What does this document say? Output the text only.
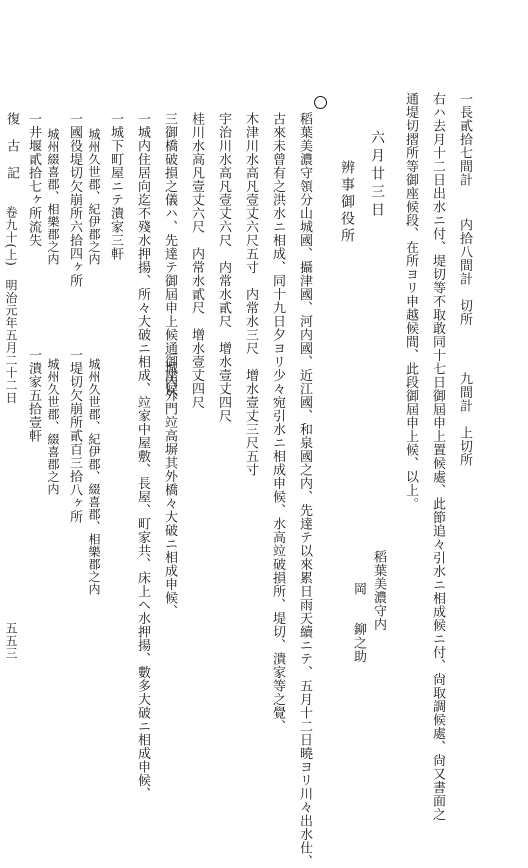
一長貳拾七間計
内拾八間計　切所
九間計　上切所
右ハ去月十二日出水ニ付、堤切等不取敢同十七日御屆申上置候處、此節追々引水ニ相成候ニ付、尙取調候處、尙又書面之
通堤切摺所等御座候段、在所ヨリ申越候間、此段御屆申上候、以上。
稻葉美濃守内
岡　　鉚之助
六月廿三日
辨事御役所
稻葉美濃守領分山城國、攝津國、河内國、近江國、和泉國之内、先達テ以來累日雨天續ニテ、五月十二日曉ヨリ川々出水仕、
古來未曾有之洪水ニ相成、同十九日夕ヨリ少々宛引水ニ相成申候、水高竝破損所、堤切、潰家等之覺、
木津川水高凡壹丈六尺五寸　内常水三尺　增水壹丈三尺五寸
宇治川水高凡壹丈六尺　内常水貳尺　增水壹丈四尺
桂川水高凡壹丈六尺　内常水貳尺　增水壹丈四尺
三御橋破損之儀ハ、先達テ御屆申上候通御座候、
一城内外門竝高塀其外橋々大破ニ相成申候、
一城内住居向迄不殘水押揚、所々大破ニ相成、竝家中屋敷、長屋、町家共、床上ヘ水押揚、數多大破ニ相成申候、
一城下町屋ニテ潰家三軒
城州久世郡、紀伊郡之内
城州久世郡、紀伊郡、綴喜郡、相樂郡之内
一國役堤切欠崩所六拾四ヶ所
一堤切欠崩所貳百三拾八ヶ所
城州綴喜郡、相樂郡之内
城州久世郡、綴喜郡之内
一井堰貳拾七ヶ所流失
一潰家五拾壹軒
復　古　記
卷九十(上)　明治元年五月二十二日
五五三
